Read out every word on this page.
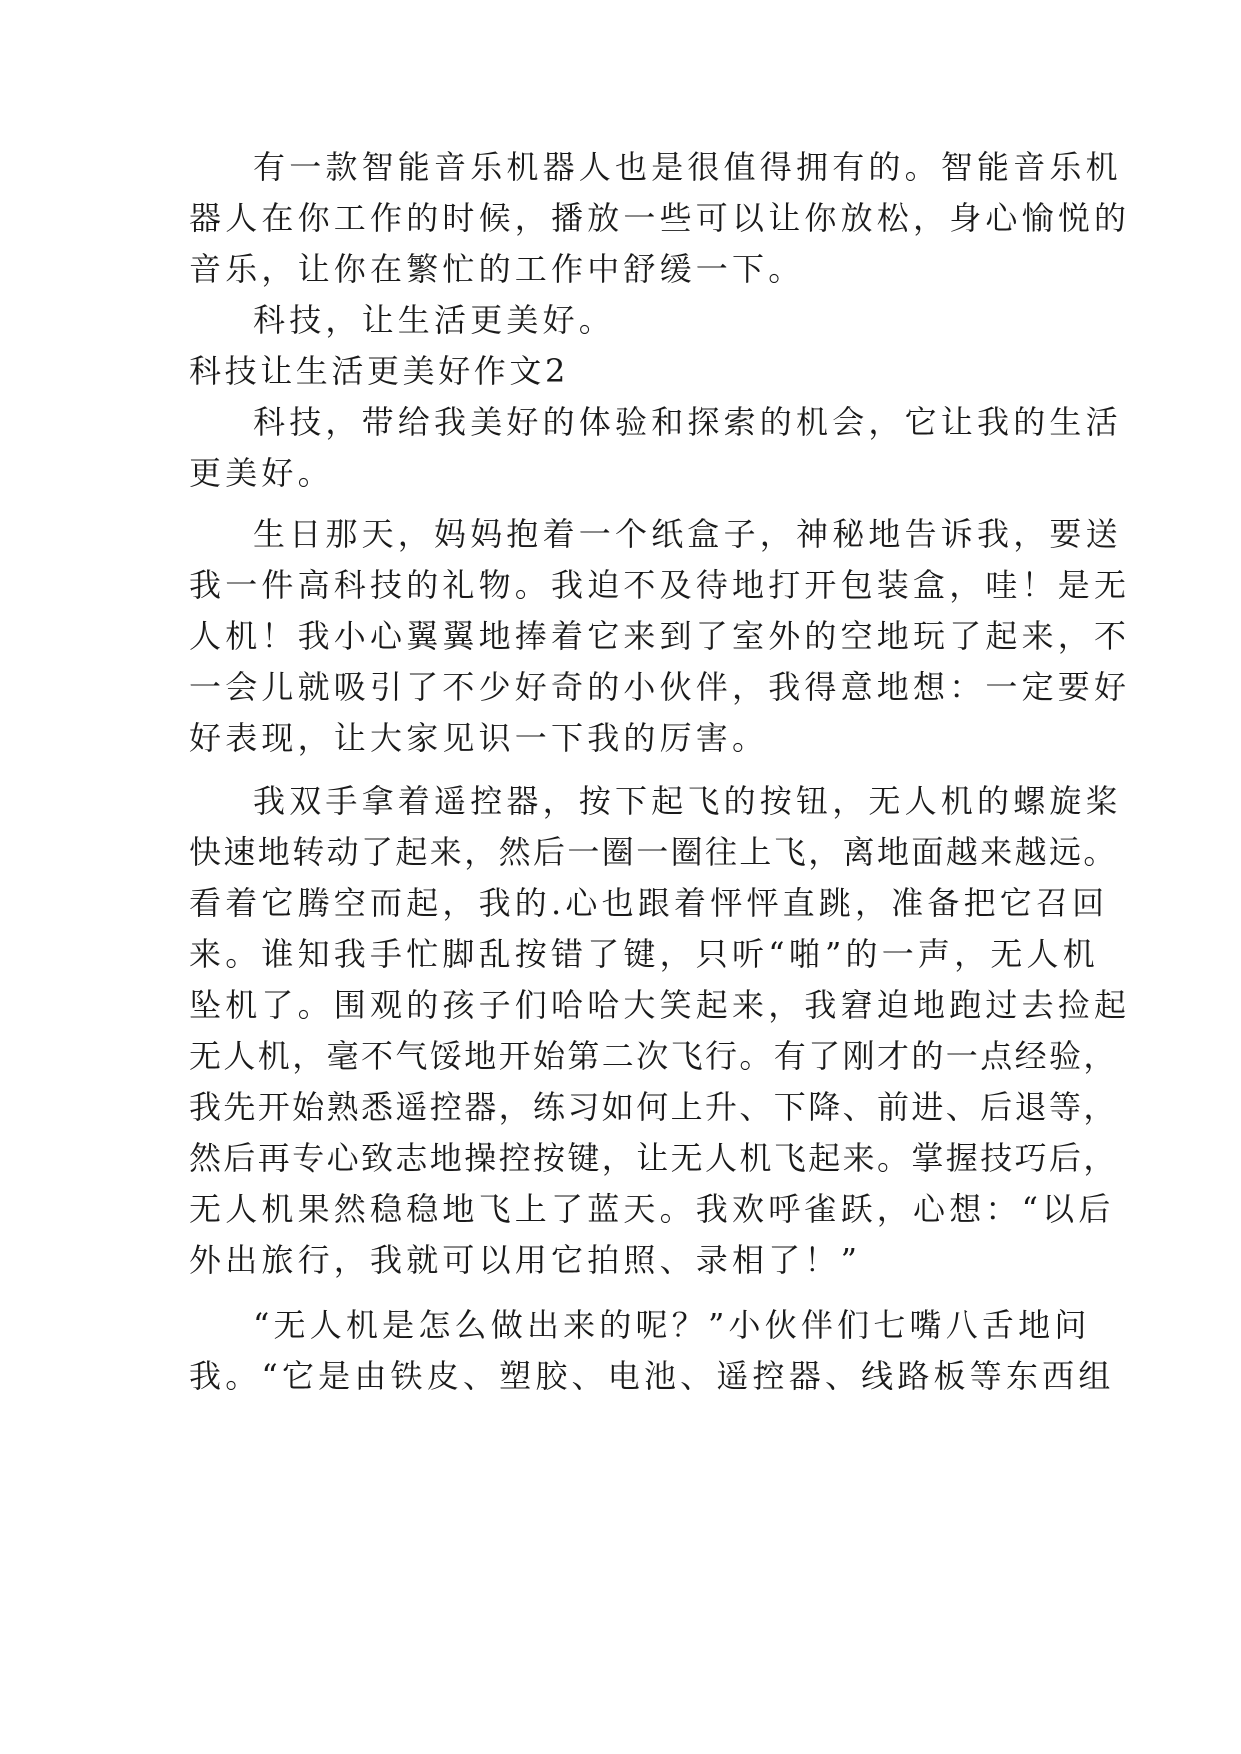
有一款智能音乐机器人也是很值得拥有的。智能音乐机
器人在你工作的时候，播放一些可以让你放松，身心愉悦的
音乐，让你在繁忙的工作中舒缓一下。
科技，让生活更美好。
科技让生活更美好作文2
科技，带给我美好的体验和探索的机会，它让我的生活
更美好。
生日那天，妈妈抱着一个纸盒子，神秘地告诉我，要送
我一件高科技的礼物。我迫不及待地打开包装盒，哇！是无
人机！我小心翼翼地捧着它来到了室外的空地玩了起来，不
一会儿就吸引了不少好奇的小伙伴，我得意地想：一定要好
好表现，让大家见识一下我的厉害。
我双手拿着遥控器，按下起飞的按钮，无人机的螺旋桨
快速地转动了起来，然后一圈一圈往上飞，离地面越来越远。
看着它腾空而起，我的.心也跟着怦怦直跳，准备把它召回
来。谁知我手忙脚乱按错了键，只听“啪”的一声，无人机
坠机了。围观的孩子们哈哈大笑起来，我窘迫地跑过去捡起
无人机，毫不气馁地开始第二次飞行。有了刚才的一点经验，
我先开始熟悉遥控器，练习如何上升、下降、前进、后退等，
然后再专心致志地操控按键，让无人机飞起来。掌握技巧后，
无人机果然稳稳地飞上了蓝天。我欢呼雀跃，心想：“以后
外出旅行，我就可以用它拍照、录相了！”
“无人机是怎么做出来的呢？”小伙伴们七嘴八舌地问
我。“它是由铁皮、塑胶、电池、遥控器、线路板等东西组
